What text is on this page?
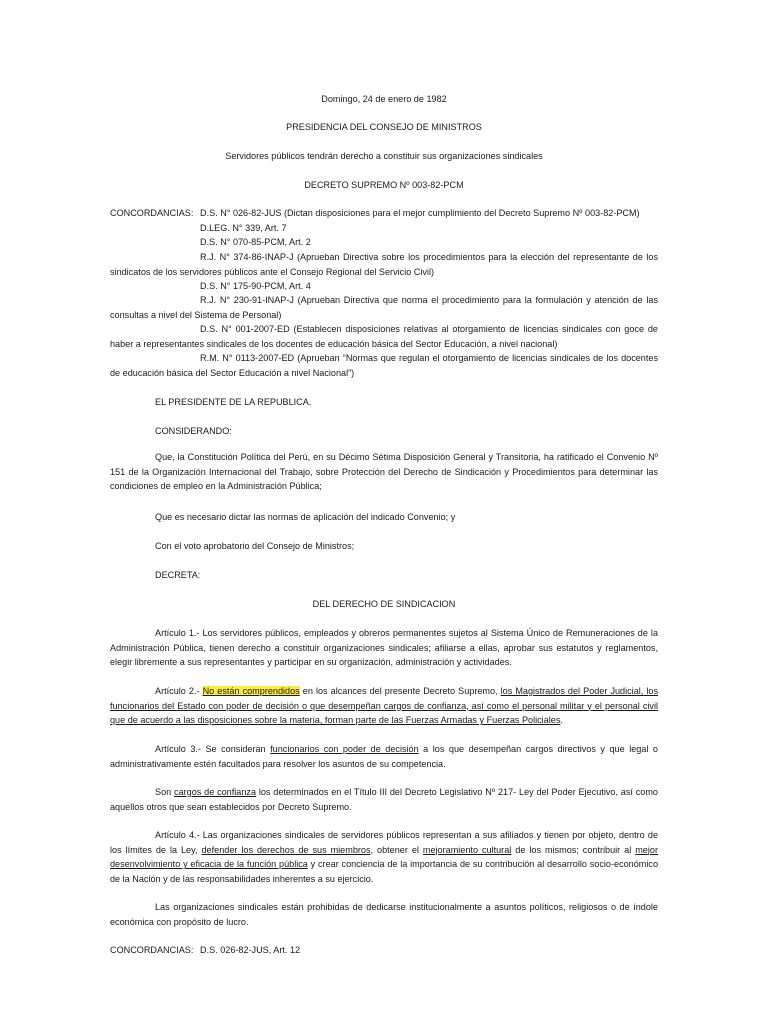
Domingo, 24 de enero de 1982
PRESIDENCIA DEL CONSEJO DE MINISTROS
Servidores públicos tendrán derecho a constituir sus organizaciones sindicales
DECRETO SUPREMO Nº 003-82-PCM
CONCORDANCIAS: D.S. N° 026-82-JUS (Dictan disposiciones para el mejor cumplimiento del Decreto Supremo Nº 003-82-PCM)
D.LEG. N° 339, Art. 7
D.S. N° 070-85-PCM, Art. 2
R.J. N° 374-86-INAP-J (Aprueban Directiva sobre los procedimientos para la elección del representante de los sindicatos de los servidores públicos ante el Consejo Regional del Servicio Civil)
D.S. N° 175-90-PCM, Art. 4
R.J. N° 230-91-INAP-J (Aprueban Directiva que norma el procedimiento para la formulación y atención de las consultas a nivel del Sistema de Personal)
D.S. N° 001-2007-ED (Establecen disposiciones relativas al otorgamiento de licencias sindicales con goce de haber a representantes sindicales de los docentes de educación básica del Sector Educación, a nivel nacional)
R.M. N° 0113-2007-ED (Aprueban “Normas que regulan el otorgamiento de licencias sindicales de los docentes de educación básica del Sector Educación a nivel Nacional”)
EL PRESIDENTE DE LA REPUBLICA.
CONSIDERANDO:

Que, la Constitución Política del Perú, en su Décimo Sétima Disposición General y Transitoria, ha ratificado el Convenio Nº 151 de la Organización Internacional del Trabajo, sobre Protección del Derecho de Sindicación y Procedimientos para determinar las condiciones de empleo en la Administración Pública;

Que es necesario dictar las normas de aplicación del indicado Convenio; y
Con el voto aprobatorio del Consejo de Ministros;
DECRETA:
DEL DERECHO DE SINDICACION

Artículo 1.- Los servidores públicos, empleados y obreros permanentes sujetos al Sistema Único de Remuneraciones de la Administración Pública, tienen derecho a constituir organizaciones sindicales; afiliarse a ellas, aprobar sus estatutos y reglamentos, elegir libremente a sus representantes y participar en su organización, administración y actividades.

Artículo 2.- No están comprendidos en los alcances del presente Decreto Supremo, los Magistrados del Poder Judicial, los funcionarios del Estado con poder de decisión o que desempeñan cargos de confianza, así como el personal militar y el personal civil que de acuerdo a las disposiciones sobre la materia, forman parte de las Fuerzas Armadas y Fuerzas Policiales.

Artículo 3.- Se consideran funcionarios con poder de decisión a los que desempeñan cargos directivos y que legal o administrativamente estén facultados para resolver los asuntos de su competencia.

Son cargos de confianza los determinados en el Título III del Decreto Legislativo Nº 217- Ley del Poder Ejecutivo, así como aquellos otros que sean establecidos por Decreto Supremo.

Artículo 4.- Las organizaciones sindicales de servidores públicos representan a sus afiliados y tienen por objeto, dentro de los límites de la Ley, defender los derechos de sus miembros, obtener el mejoramiento cultural de los mismos; contribuir al mejor desenvolvimiento y eficacia de la función pública y crear conciencia de la importancia de su contribución al desarrollo socio-económico de la Nación y de las responsabilidades inherentes a su ejercicio.

Las organizaciones sindicales están prohibidas de dedicarse institucionalmente a asuntos políticos, religiosos o de índole económica con propósito de lucro.

CONCORDANCIAS: D.S. 026-82-JUS, Art. 12
